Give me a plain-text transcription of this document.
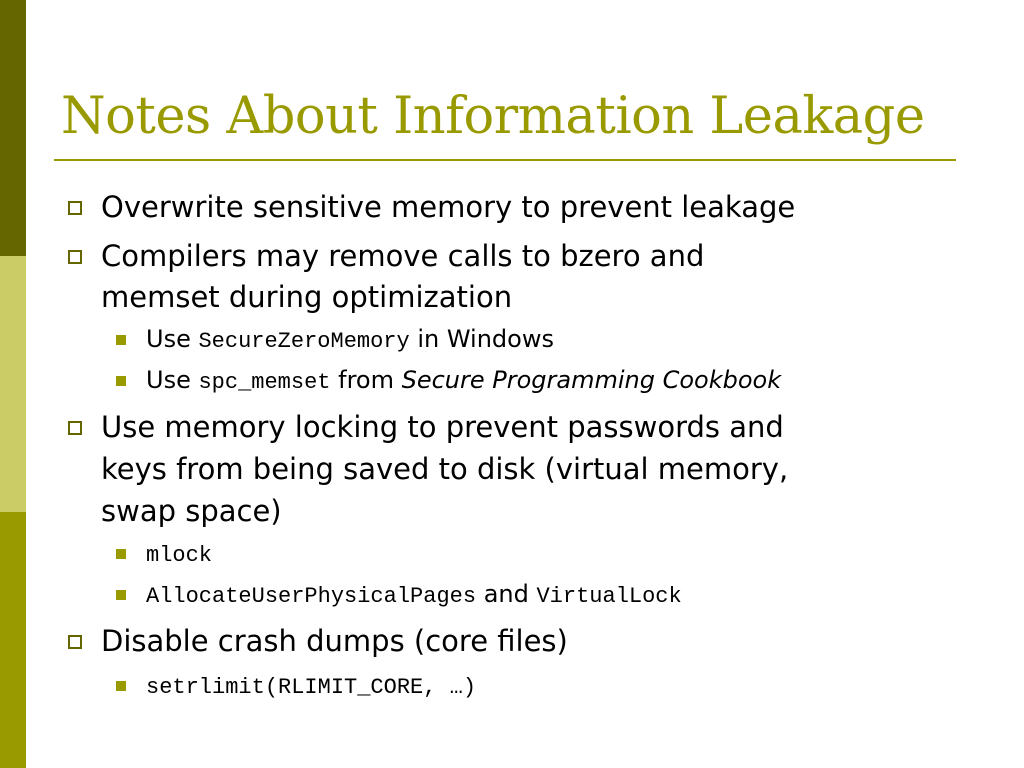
Notes About Information Leakage
Overwrite sensitive memory to prevent leakage
Compilers may remove calls to bzero and
memset during optimization
Use SecureZeroMemory in Windows
Use spc_memset from Secure Programming Cookbook
Use memory locking to prevent passwords and
keys from being saved to disk (virtual memory,
swap space)
mlock
AllocateUserPhysicalPages and VirtualLock
Disable crash dumps (core files)
setrlimit(RLIMIT_CORE, …)
